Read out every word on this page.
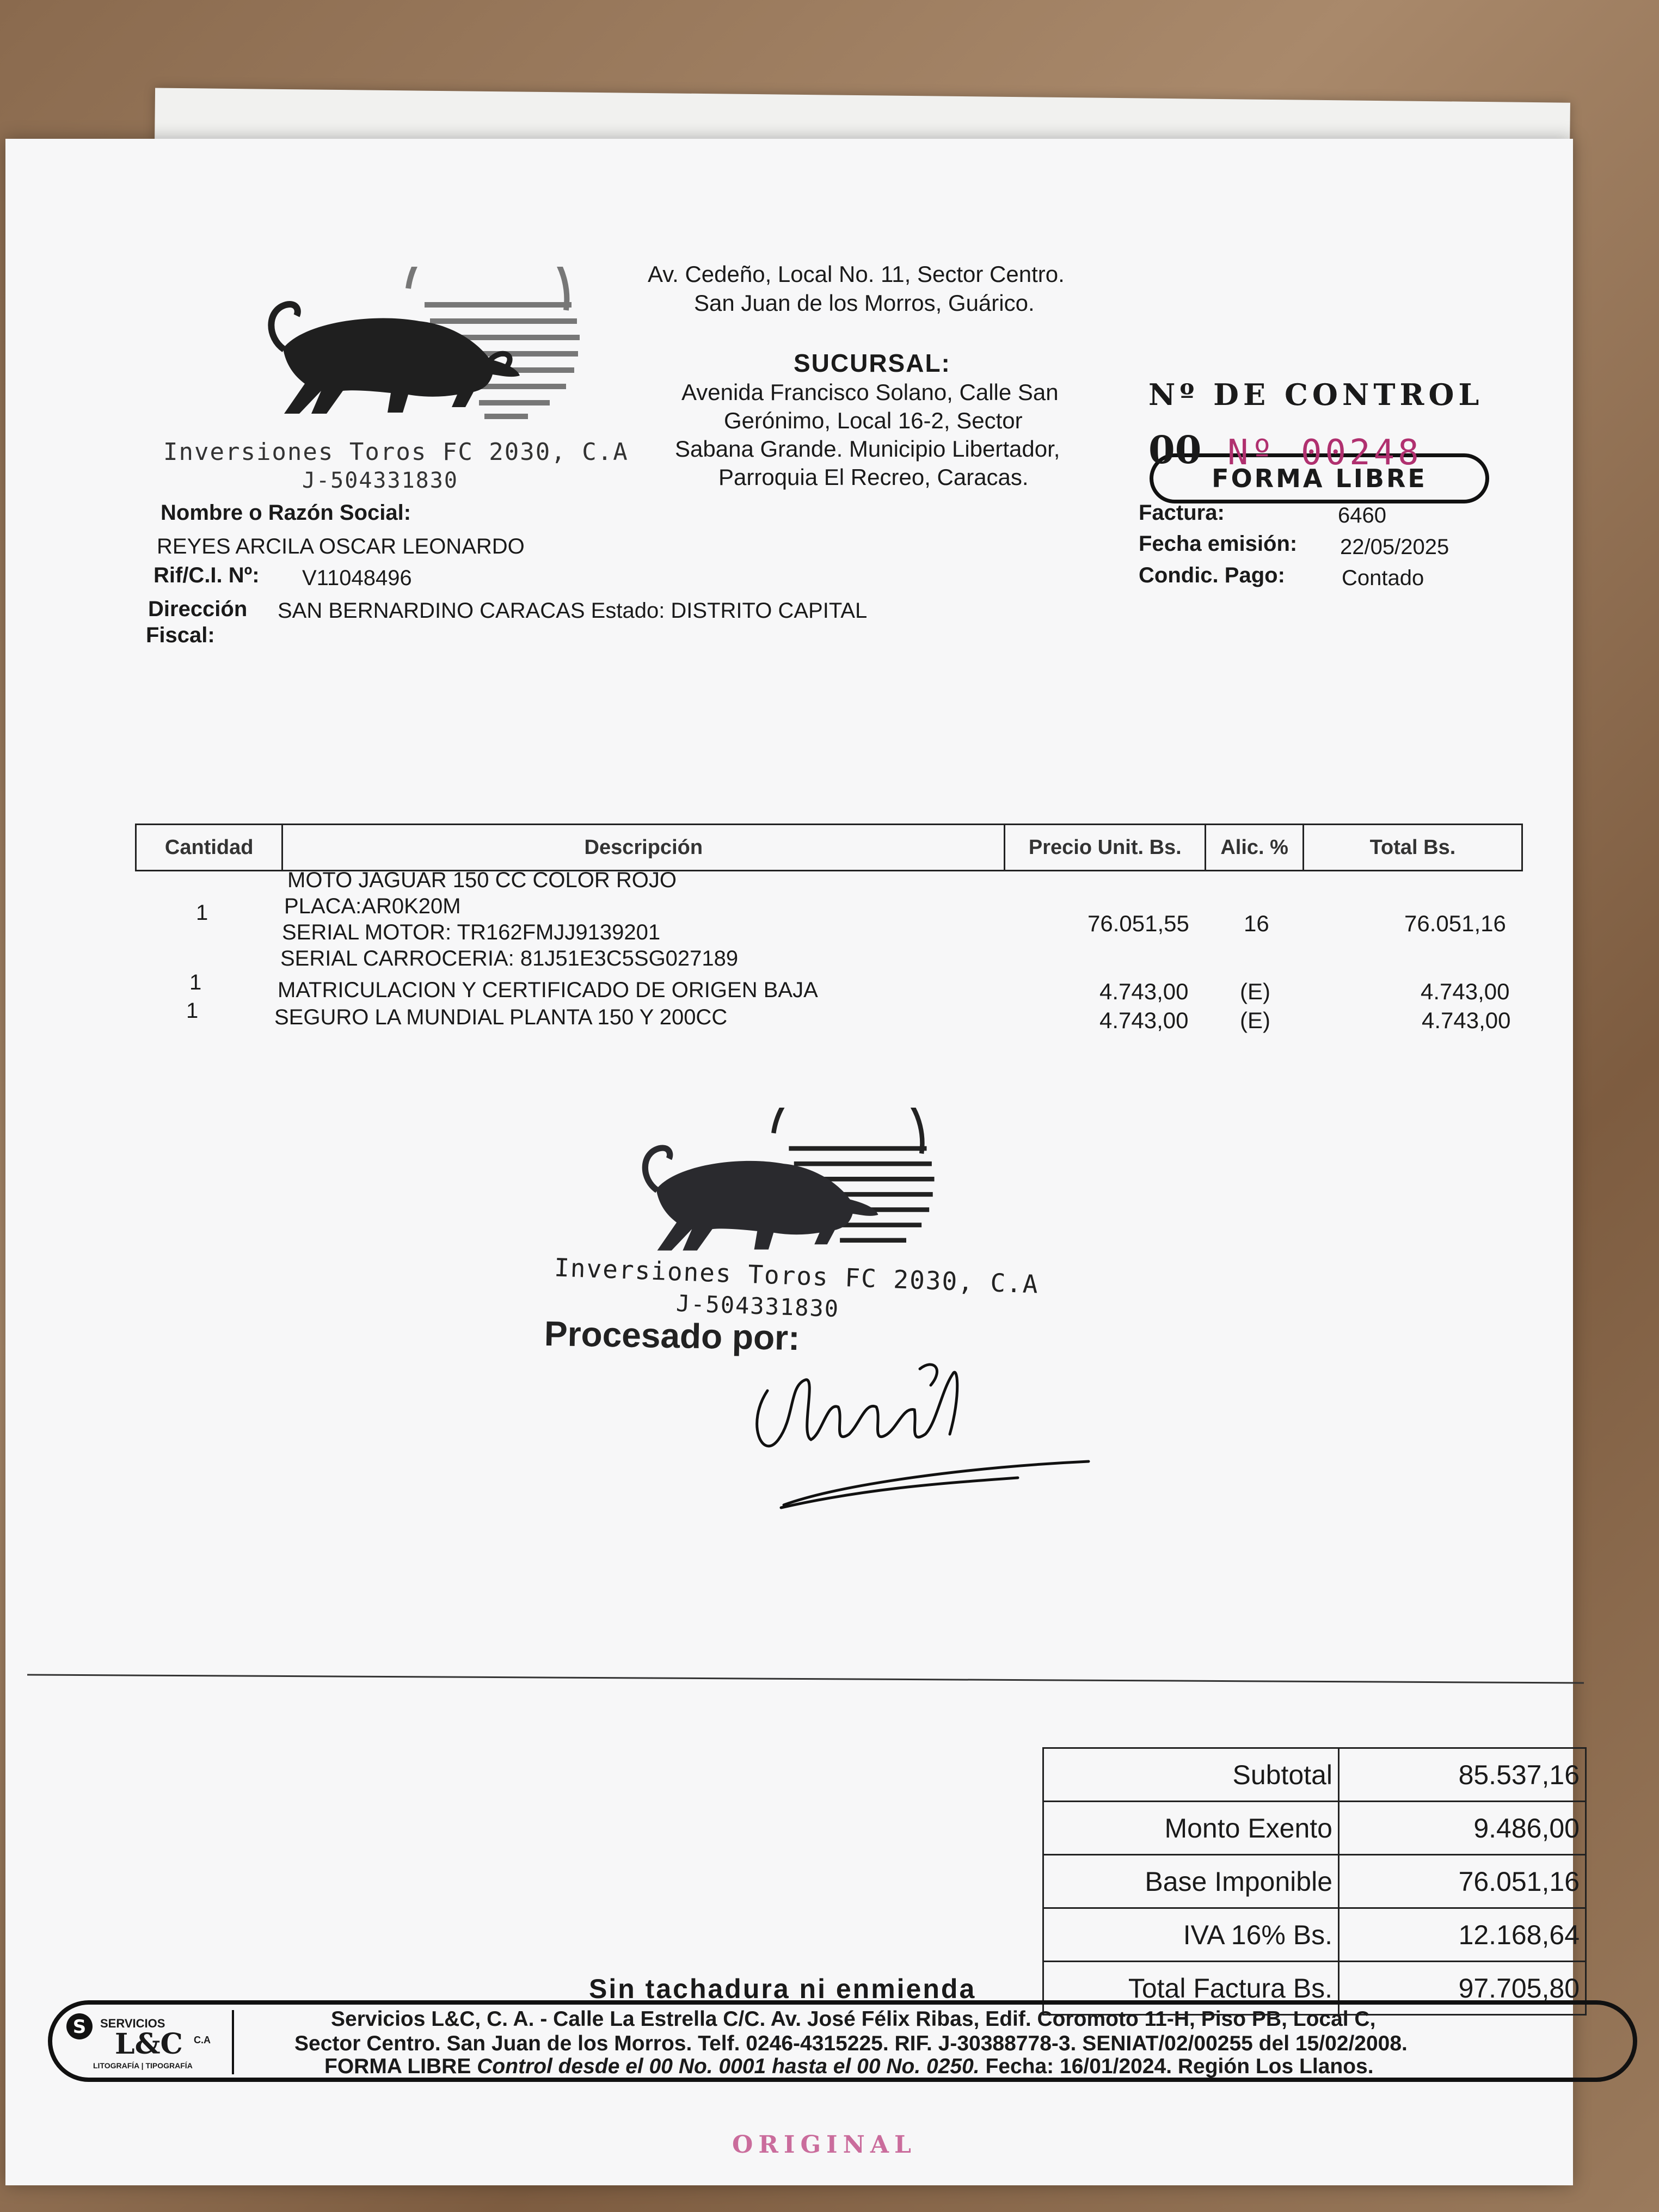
Inversiones Toros FC 2030, C.A
J-504331830
Av. Cedeño, Local No. 11, Sector Centro.
San Juan de los Morros, Guárico.
SUCURSAL:
Avenida Francisco Solano, Calle San
Gerónimo, Local 16-2, Sector
Sabana Grande. Municipio Libertador,
Parroquia El Recreo, Caracas.	FORMA LIBRE
Nº DE CONTROL
00 Nº 00248
Nombre o Razón Social:
REYES ARCILA OSCAR LEONARDO
Rif/C.I. Nº: V11048496
Dirección
Fiscal:
SAN BERNARDINO CARACAS Estado: DISTRITO CAPITAL
Factura:	6460
Fecha emisión: 22/05/2025
Condic. Pago:	Contado
Cantidad	Descripción	Precio Unit. Bs.	Alic. %	Total Bs.
1
MOTO JAGUAR 150 CC COLOR ROJO
PLACA:AR0K20M
SERIAL MOTOR: TR162FMJJ9139201
SERIAL CARROCERIA: 81J51E3C5SG027189
76.051,55 16	76.051,16
1	MATRICULACION Y CERTIFICADO DE ORIGEN BAJA	4.743,00 (E)	4.743,00
1	SEGURO LA MUNDIAL PLANTA 150 Y 200CC	4.743,00 (E)	4.743,00
Inversiones Toros FC 2030, C.A
J-504331830
Procesado por:
Subtotal	85.537,16
Monto Exento	9.486,00
Base Imponible	76.051,16
IVA 16% Bs.	12.168,64
Total Factura Bs.	97.705,80
Sin tachadura ni enmienda
S SERVICIOS
L&C C.A
LITOGRAFÍA | TIPOGRAFÍA
Servicios L&C, C. A. - Calle La Estrella C/C. Av. José Félix Ribas, Edif. Coromoto 11-H, Piso PB, Local C,
Sector Centro. San Juan de los Morros. Telf. 0246-4315225. RIF. J-30388778-3. SENIAT/02/00255 del 15/02/2008.
FORMA LIBRE Control desde el 00 No. 0001 hasta el 00 No. 0250. Fecha: 16/01/2024. Región Los Llanos.
ORIGINAL
